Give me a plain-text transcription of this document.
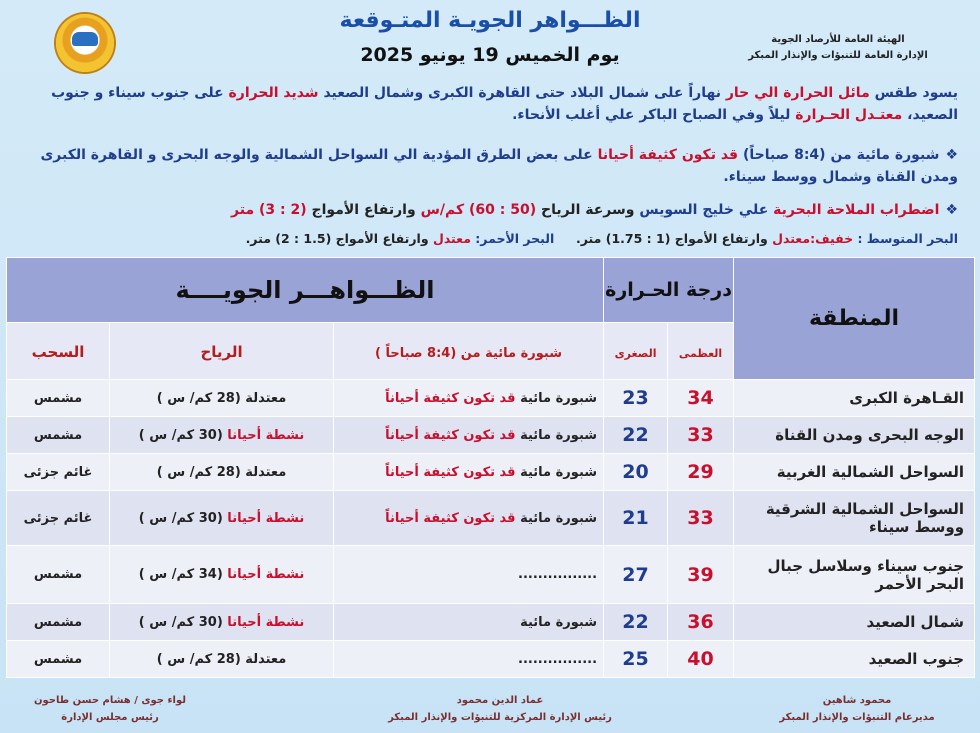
الهيئة العامة للأرصاد الجوية
الإدارة العامة للتنبؤات والإنذار المبكر
الظـــواهر الجويـة المتـوقعة
يوم الخميس 19 يونيو 2025
يسود طقس مائل الحرارة الي حار نهاراً على شمال البلاد حتى القاهرة الكبرى وشمال الصعيد شديد الحرارة على جنوب سيناء و جنوب الصعيد، معتـدل الحـرارة ليلاً وفي الصباح الباكر علي أغلب الأنحاء.
❖شبورة مائية من (8:4 صباحاً) قد تكون كثيفة أحيانا على بعض الطرق المؤدية الي السواحل الشمالية والوجه البحرى و القاهرة الكبرى ومدن القناة وشمال ووسط سيناء.
❖اضطراب الملاحة البحرية علي خليج السويس وسرعة الرياح (50 : 60) كم/س وارتفاع الأمواج (2 : 3) متر
البحر المتوسط : خفيف:معتدل وارتفاع الأمواج (1 : 1.75) متر.     البحر الأحمر: معتدل وارتفاع الأمواج (1.5 : 2) متر.
المنطقة	درجة الحـرارة		الظـــواهـــر الجويــــة		
	العظمى	الصغرى	شبورة مائية من (8:4 صباحاً )	الرياح	السحب
القـاهرة الكبرى	34	23	شبورة مائية قد تكون كثيفة أحياناً	معتدلة (28 كم/ س )	مشمس
الوجه البحرى ومدن القناة	33	22	شبورة مائية قد تكون كثيفة أحياناً	نشطة أحيانا (30 كم/ س )	مشمس
السواحل الشمالية الغربية	29	20	شبورة مائية قد تكون كثيفة أحياناً	معتدلة (28 كم/ س )	غائم جزئى
السواحل الشمالية الشرقية ووسط سيناء	33	21	شبورة مائية قد تكون كثيفة أحياناً	نشطة أحيانا (30 كم/ س )	غائم جزئى
جنوب سيناء وسلاسل جبال البحر الأحمر	39	27	................	نشطة أحيانا (34 كم/ س )	مشمس
شمال الصعيد	36	22	شبورة مائية	نشطة أحيانا (30 كم/ س )	مشمس
جنوب الصعيد	40	25	................	معتدلة (28 كم/ س )	مشمس
لواء جوى / هشام حسن طاحون
رئيس مجلس الإدارة
عماد الدين محمود
رئيس الإدارة المركزية للتنبؤات والإنذار المبكر
محمود شاهين
مديرعام التنبؤات والإنذار المبكر
